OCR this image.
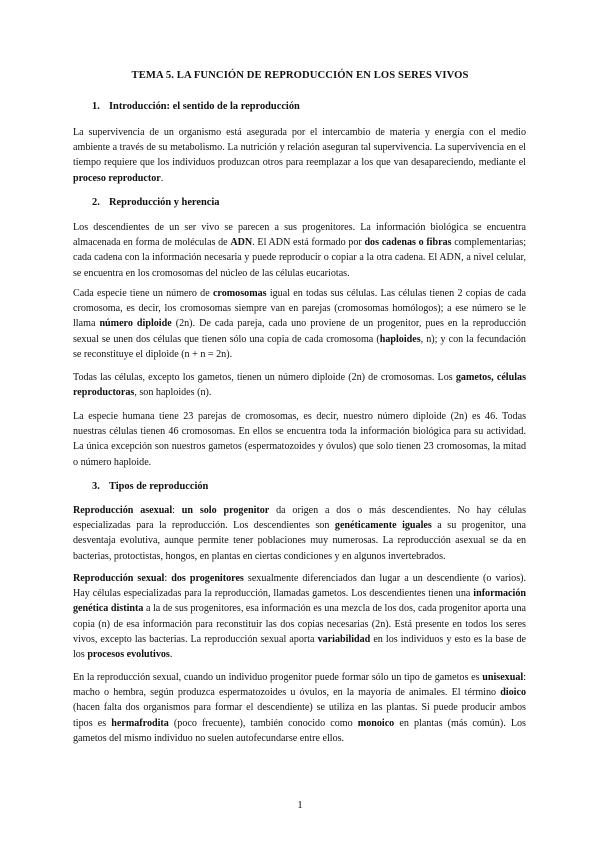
TEMA 5. LA FUNCIÓN DE REPRODUCCIÓN EN LOS SERES VIVOS
1. Introducción: el sentido de la reproducción
La supervivencia de un organismo está asegurada por el intercambio de materia y energía con el medio ambiente a través de su metabolismo. La nutrición y relación aseguran tal supervivencia. La supervivencia en el tiempo requiere que los individuos produzcan otros para reemplazar a los que van desapareciendo, mediante el proceso reproductor.
2. Reproducción y herencia
Los descendientes de un ser vivo se parecen a sus progenitores. La información biológica se encuentra almacenada en forma de moléculas de ADN. El ADN está formado por dos cadenas o fibras complementarias; cada cadena con la información necesaria y puede reproducir o copiar a la otra cadena. El ADN, a nivel celular, se encuentra en los cromosomas del núcleo de las células eucariotas.
Cada especie tiene un número de cromosomas igual en todas sus células. Las células tienen 2 copias de cada cromosoma, es decir, los cromosomas siempre van en parejas (cromosomas homólogos); a ese número se le llama número diploide (2n). De cada pareja, cada uno proviene de un progenitor, pues en la reproducción sexual se unen dos células que tienen sólo una copia de cada cromosoma (haploides, n); y con la fecundación se reconstituye el diploide (n + n = 2n).
Todas las células, excepto los gametos, tienen un número diploide (2n) de cromosomas. Los gametos, células reproductoras, son haploides (n).
La especie humana tiene 23 parejas de cromosomas, es decir, nuestro número diploide (2n) es 46. Todas nuestras células tienen 46 cromosomas. En ellos se encuentra toda la información biológica para su actividad. La única excepción son nuestros gametos (espermatozoides y óvulos) que solo tienen 23 cromosomas, la mitad o número haploide.
3. Tipos de reproducción
Reproducción asexual: un solo progenitor da origen a dos o más descendientes. No hay células especializadas para la reproducción. Los descendientes son genéticamente iguales a su progenitor, una desventaja evolutiva, aunque permite tener poblaciones muy numerosas. La reproducción asexual se da en bacterias, protoctistas, hongos, en plantas en ciertas condiciones y en algunos invertebrados.
Reproducción sexual: dos progenitores sexualmente diferenciados dan lugar a un descendiente (o varios). Hay células especializadas para la reproducción, llamadas gametos. Los descendientes tienen una información genética distinta a la de sus progenitores, esa información es una mezcla de los dos, cada progenitor aporta una copia (n) de esa información para reconstituir las dos copias necesarias (2n). Está presente en todos los seres vivos, excepto las bacterias. La reproducción sexual aporta variabilidad en los individuos y esto es la base de los procesos evolutivos.
En la reproducción sexual, cuando un individuo progenitor puede formar sólo un tipo de gametos es unisexual: macho o hembra, según produzca espermatozoides u óvulos, en la mayoría de animales. El término dioico (hacen falta dos organismos para formar el descendiente) se utiliza en las plantas. Si puede producir ambos tipos es hermafrodita (poco frecuente), también conocido como monoico en plantas (más común). Los gametos del mismo individuo no suelen autofecundarse entre ellos.
1
